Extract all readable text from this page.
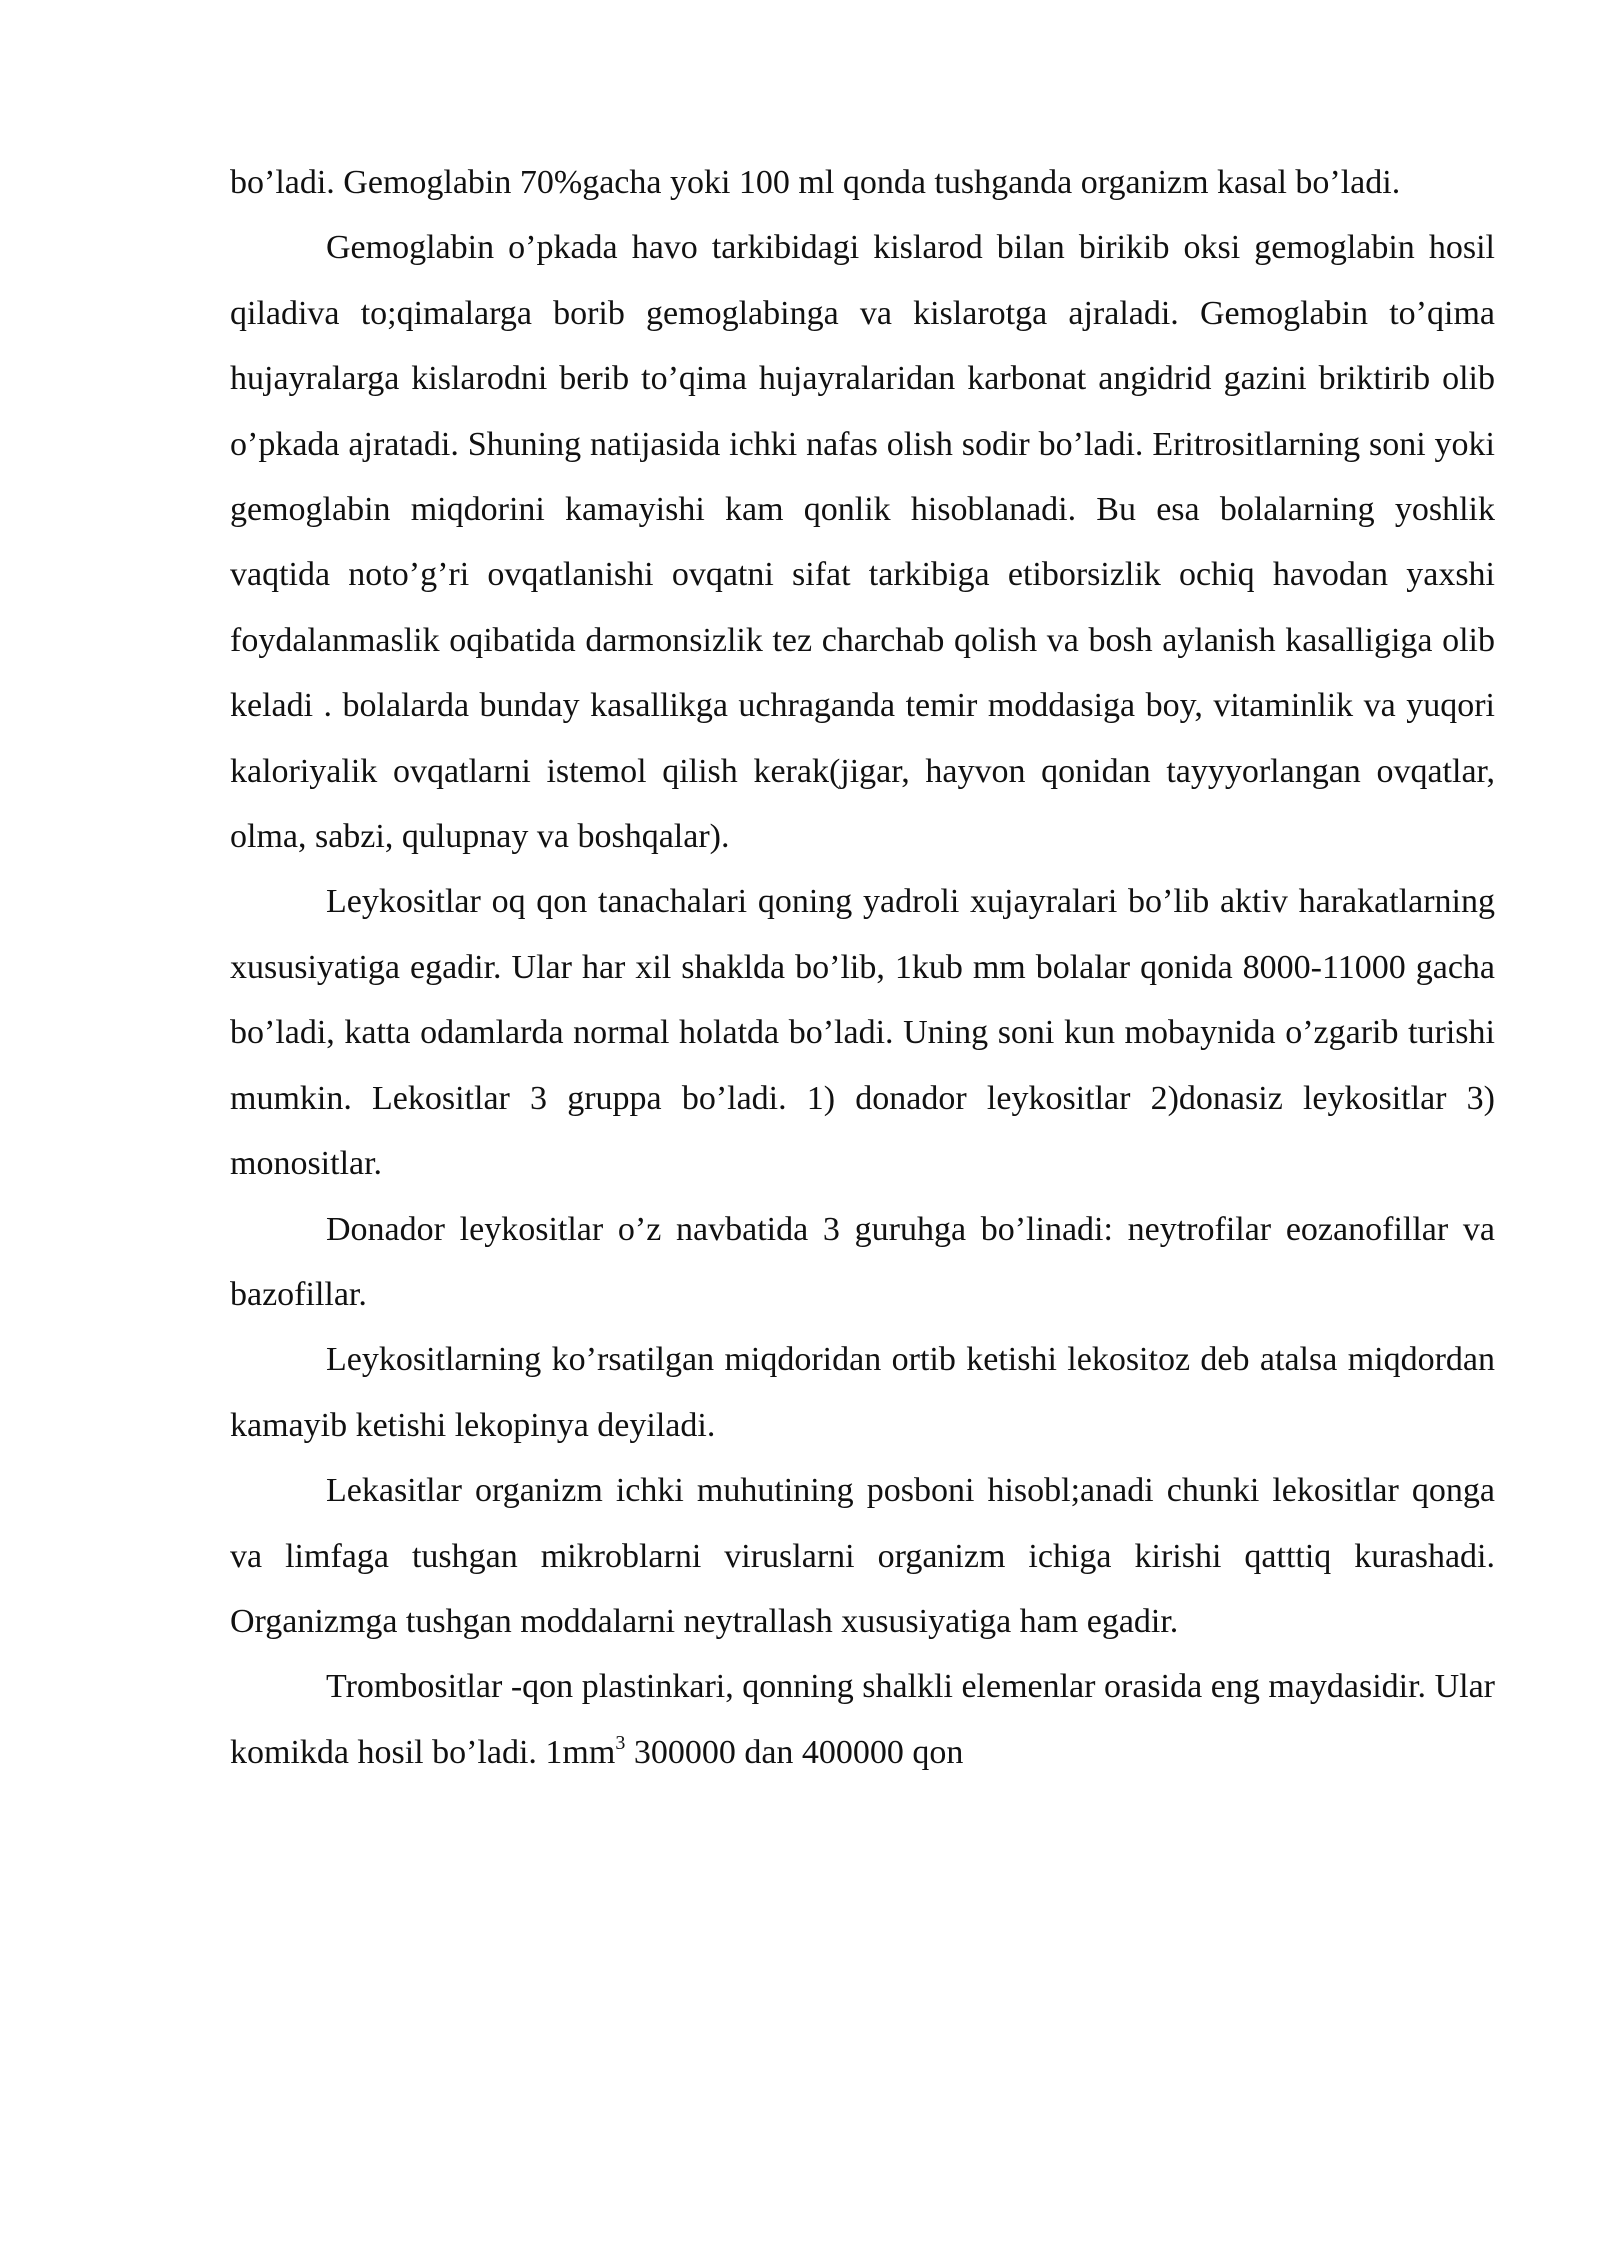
bo’ladi. Gemoglabin 70%gacha yoki 100 ml qonda tushganda organizm kasal bo’ladi.

Gemoglabin o’pkada havo tarkibidagi kislarod bilan birikib oksi gemoglabin hosil qiladiva to;qimalarga borib gemoglabinga va kislarotga ajraladi. Gemoglabin to’qima hujayralarga kislarodni berib to’qima hujayralaridan karbonat angidrid gazini briktirib olib o’pkada ajratadi. Shuning natijasida ichki nafas olish sodir bo’ladi. Eritrositlarning soni yoki gemoglabin miqdorini kamayishi kam qonlik hisoblanadi. Bu esa bolalarning yoshlik vaqtida noto’g’ri ovqatlanishi ovqatni sifat tarkibiga etiborsizlik ochiq havodan yaxshi foydalanmaslik oqibatida darmonsizlik tez charchab qolish va bosh aylanish kasalligiga olib keladi . bolalarda bunday kasallikga uchraganda temir moddasiga boy, vitaminlik va yuqori kaloriyalik ovqatlarni istemol qilish kerak(jigar, hayvon qonidan tayyyorlangan ovqatlar, olma, sabzi, qulupnay va boshqalar).

Leykositlar oq qon tanachalari qoning yadroli xujayralari bo’lib aktiv harakatlarning xususiyatiga egadir. Ular har xil shaklda bo’lib, 1kub mm bolalar qonida 8000-11000 gacha bo’ladi, katta odamlarda normal holatda bo’ladi. Uning soni kun mobaynida o’zgarib turishi mumkin. Lekositlar 3 gruppa bo’ladi. 1) donador leykositlar 2)donasiz leykositlar 3) monositlar.

Donador leykositlar o’z navbatida 3 guruhga bo’linadi: neytrofilar eozanofillar va bazofillar.

Leykositlarning ko’rsatilgan miqdoridan ortib ketishi lekositoz deb atalsa miqdordan kamayib ketishi lekopinya deyiladi.

Lekasitlar organizm ichki muhutining posboni hisobl;anadi chunki lekositlar qonga va limfaga tushgan mikroblarni viruslarni organizm ichiga kirishi qatttiq kurashadi. Organizmga tushgan moddalarni neytrallash xususiyatiga ham egadir.

Trombositlar -qon plastinkari, qonning shalkli elemenlar orasida eng maydasidir. Ular komikda hosil bo’ladi. $1mm^3$ 300000 dan 400000 qon
